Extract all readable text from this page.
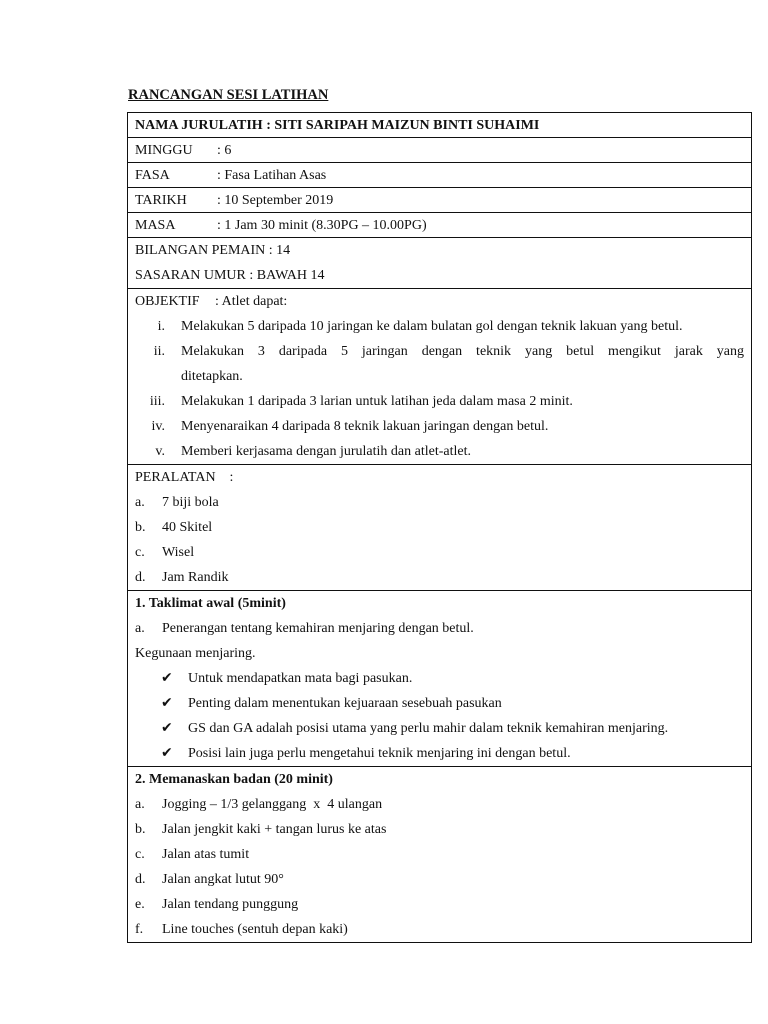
RANCANGAN SESI LATIHAN
NAMA JURULATIH : SITI SARIPAH MAIZUN BINTI SUHAIMI
MINGGU : 6
FASA	: Fasa Latihan Asas
TARIKH : 10 September 2019
MASA	: 1 Jam 30 minit (8.30PG – 10.00PG)
BILANGAN PEMAIN : 14
SASARAN UMUR : BAWAH 14
OBJEKTIF : Atlet dapat:
i. Melakukan 5 daripada 10 jaringan ke dalam bulatan gol dengan teknik lakuan yang betul.
ii. Melakukan 3 daripada 5 jaringan dengan teknik yang betul mengikut jarak yang
ditetapkan.
iii. Melakukan 1 daripada 3 larian untuk latihan jeda dalam masa 2 minit.
iv. Menyenaraikan 4 daripada 8 teknik lakuan jaringan dengan betul.
v. Memberi kerjasama dengan jurulatih dan atlet-atlet.
PERALATAN    :
a.	7 biji bola
b.	40 Skitel
c.	Wisel
d.	Jam Randik
1. Taklimat awal (5minit)
a.	Penerangan tentang kemahiran menjaring dengan betul.
Kegunaan menjaring.
✔	Untuk mendapatkan mata bagi pasukan.
✔	Penting dalam menentukan kejuaraan sesebuah pasukan
✔	GS dan GA adalah posisi utama yang perlu mahir dalam teknik kemahiran menjaring.
✔	Posisi lain juga perlu mengetahui teknik menjaring ini dengan betul.
2. Memanaskan badan (20 minit)
a.	Jogging – 1/3 gelanggang  x  4 ulangan
b.	Jalan jengkit kaki + tangan lurus ke atas
c.	Jalan atas tumit
d.	Jalan angkat lutut 90°
e.	Jalan tendang punggung
f.	Line touches (sentuh depan kaki)
